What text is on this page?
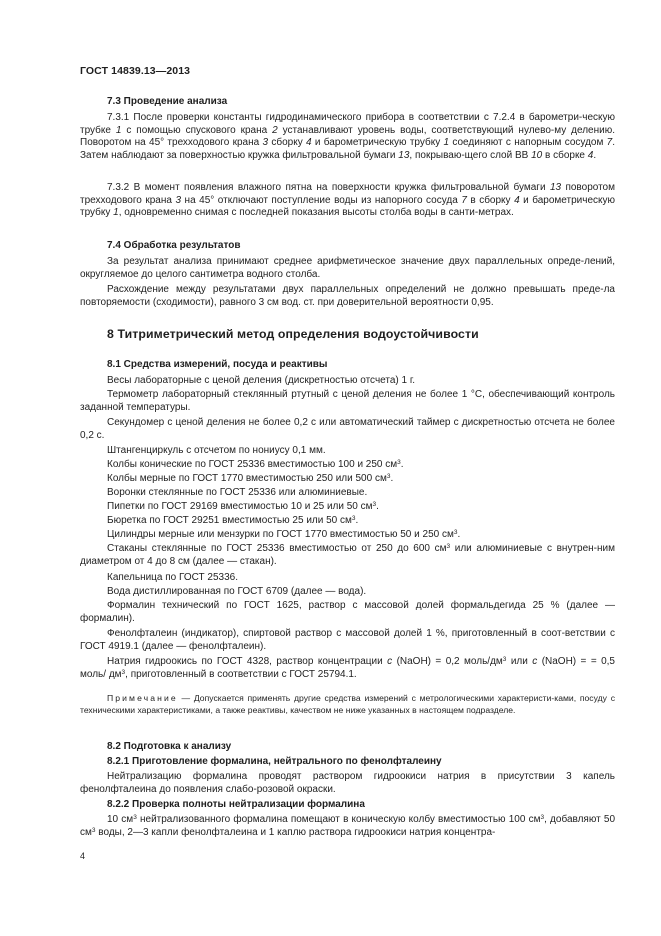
ГОСТ 14839.13—2013
7.3 Проведение анализа
7.3.1 После проверки константы гидродинамического прибора в соответствии с 7.2.4 в барометри-ческую трубке 1 с помощью спускового крана 2 устанавливают уровень воды, соответствующий нулево-му делению. Поворотом на 45° трехходового крана 3 сборку 4 и барометрическую трубку 1 соединяют с напорным сосудом 7. Затем наблюдают за поверхностью кружка фильтровальной бумаги 13, покрываю-щего слой ВВ 10 в сборке 4.
7.3.2 В момент появления влажного пятна на поверхности кружка фильтровальной бумаги 13 поворотом трехходового крана 3 на 45° отключают поступление воды из напорного сосуда 7 в сборку 4 и барометрическую трубку 1, одновременно снимая с последней показания высоты столба воды в санти-метрах.
7.4 Обработка результатов
За результат анализа принимают среднее арифметическое значение двух параллельных опреде-лений, округляемое до целого сантиметра водного столба.
Расхождение между результатами двух параллельных определений не должно превышать преде-ла повторяемости (сходимости), равного 3 см вод. ст. при доверительной вероятности 0,95.
8 Титриметрический метод определения водоустойчивости
8.1 Средства измерений, посуда и реактивы
Весы лабораторные с ценой деления (дискретностью отсчета) 1 г.
Термометр лабораторный стеклянный ртутный с ценой деления не более 1 °С, обеспечивающий контроль заданной температуры.
Секундомер с ценой деления не более 0,2 с или автоматический таймер с дискретностью отсчета не более 0,2 с.
Штангенциркуль с отсчетом по нониусу 0,1 мм.
Колбы конические по ГОСТ 25336 вместимостью 100 и 250 $см^3$.
Колбы мерные по ГОСТ 1770 вместимостью 250 или 500 $см^3$.
Воронки стеклянные по ГОСТ 25336 или алюминиевые.
Пипетки по ГОСТ 29169 вместимостью 10 и 25 или 50 $см^3$.
Бюретка по ГОСТ 29251 вместимостью 25 или 50 $см^3$.
Цилиндры мерные или мензурки по ГОСТ 1770 вместимостью 50 и 250 $см^3$.
Стаканы стеклянные по ГОСТ 25336 вместимостью от 250 до 600 $см^3$ или алюминиевые с внутрен-ним диаметром от 4 до 8 см (далее — стакан).
Капельница по ГОСТ 25336.
Вода дистиллированная по ГОСТ 6709 (далее — вода).
Формалин технический по ГОСТ 1625, раствор с массовой долей формальдегида 25 % (далее — формалин).
Фенолфталеин (индикатор), спиртовой раствор с массовой долей 1 %, приготовленный в соот-ветствии с ГОСТ 4919.1 (далее — фенолфталеин).
Натрия гидроокись по ГОСТ 4328, раствор концентрации с (NaOH) = 0,2 моль/$дм^3$ или с (NaOH) = = 0,5 моль/ $дм^3$, приготовленный в соответствии с ГОСТ 25794.1.
Примечание — Допускается применять другие средства измерений с метрологическими характеристи-ками, посуду с техническими характеристиками, а также реактивы, качеством не ниже указанных в настоящем подразделе.
8.2 Подготовка к анализу
8.2.1 Приготовление формалина, нейтрального по фенолфталеину
Нейтрализацию формалина проводят раствором гидроокиси натрия в присутствии 3 капель фенолфталеина до появления слабо-розовой окраски.
8.2.2 Проверка полноты нейтрализации формалина
10 $см^3$ нейтрализованного формалина помещают в коническую колбу вместимостью 100 $см^3$, добавляют 50 $см^3$ воды, 2—3 капли фенолфталеина и 1 каплю раствора гидроокиси натрия концентра-
4
